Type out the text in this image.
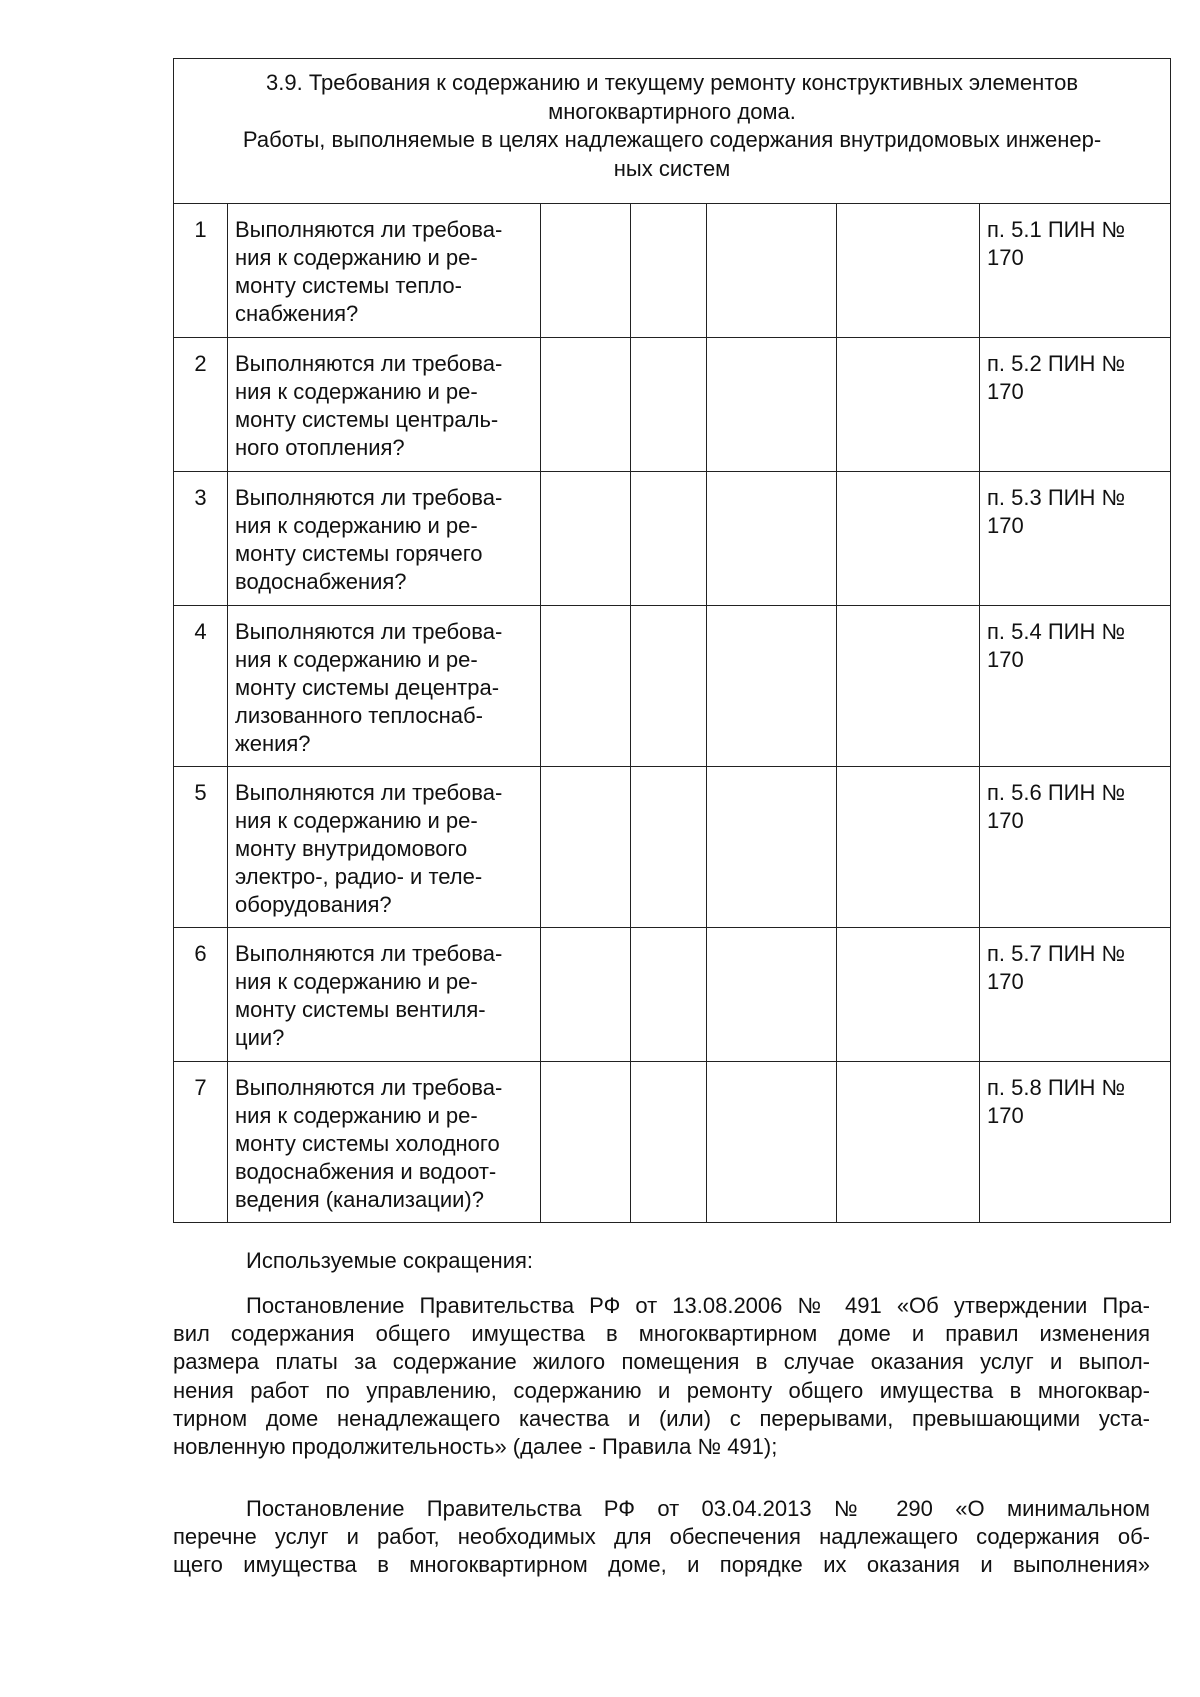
3.9. Требования к содержанию и текущему ремонту конструктивных элементов
многоквартирного дома.
Работы, выполняемые в целях надлежащего содержания внутридомовых инженер-
ных систем						

1	Выполняются ли требова-
ния к содержанию и ре-
монту системы тепло-
снабжения?					п. 5.1 ПИН №
170

2	Выполняются ли требова-
ния к содержанию и ре-
монту системы централь-
ного отопления?					п. 5.2 ПИН №
170

3	Выполняются ли требова-
ния к содержанию и ре-
монту системы горячего
водоснабжения?					п. 5.3 ПИН №
170

4	Выполняются ли требова-
ния к содержанию и ре-
монту системы децентра-
лизованного теплоснаб-
жения?					п. 5.4 ПИН №
170

5	Выполняются ли требова-
ния к содержанию и ре-
монту внутридомового
электро-, радио- и теле-
оборудования?					п. 5.6 ПИН №
170

6	Выполняются ли требова-
ния к содержанию и ре-
монту системы вентиля-
ции?					п. 5.7 ПИН №
170

7	Выполняются ли требова-
ния к содержанию и ре-
монту системы холодного
водоснабжения и водоот-
ведения (канализации)?					п. 5.8 ПИН №
170
Используемые сокращения:
Постановление Правительства РФ от 13.08.2006 № 491 «Об утверждении Пра-
вил содержания общего имущества в многоквартирном доме и правил изменения
размера платы за содержание жилого помещения в случае оказания услуг и выпол-
нения работ по управлению, содержанию и ремонту общего имущества в многоквар-
тирном доме ненадлежащего качества и (или) с перерывами, превышающими уста-
новленную продолжительность» (далее - Правила № 491);
Постановление Правительства РФ от 03.04.2013 № 290 «О минимальном
перечне услуг и работ, необходимых для обеспечения надлежащего содержания об-
щего имущества в многоквартирном доме, и порядке их оказания и выполнения»
